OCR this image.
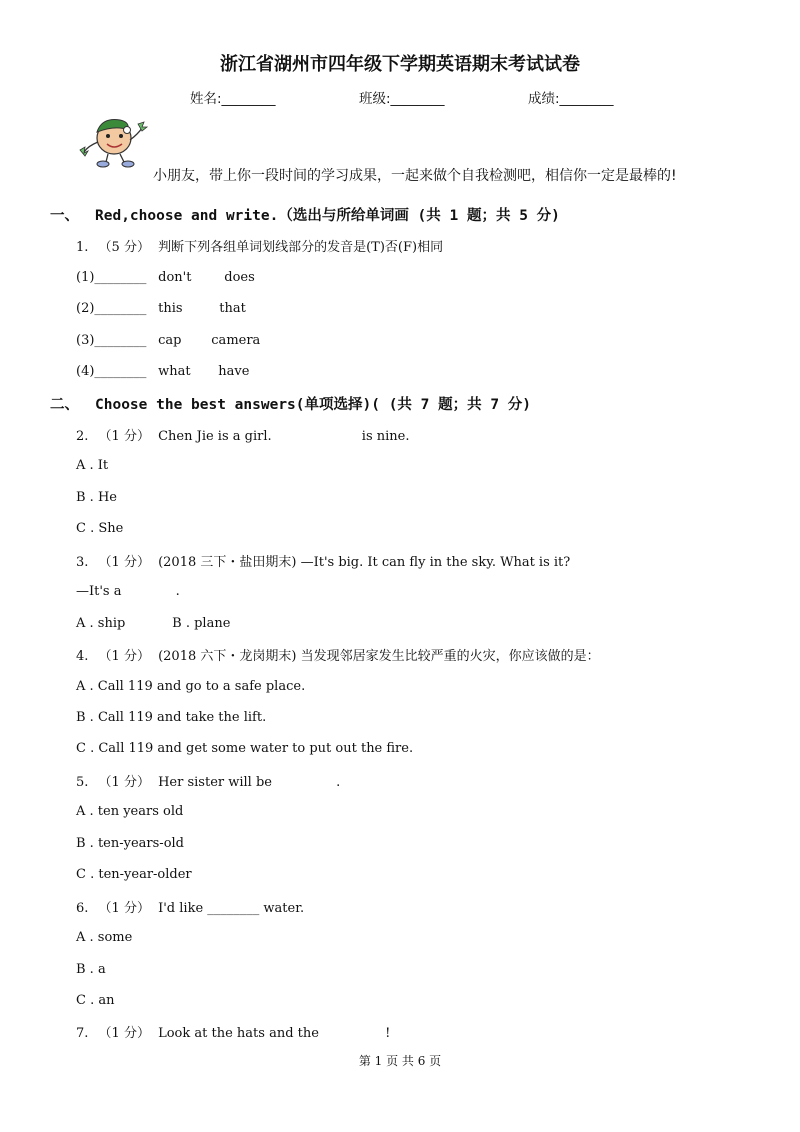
浙江省湖州市四年级下学期英语期末考试试卷
姓名:________	班级:________	成绩:________
小朋友，带上你一段时间的学习成果，一起来做个自我检测吧，相信你一定是最棒的!
一、 Red,choose and write.（选出与所给单词画 (共 1 题；共 5 分)
1. （5 分） 判断下列各组单词划线部分的发音是(T)否(F)相同
(1)________ don't	does
(2)________ this	that
(3)________ cap camera
(4)________ what have
二、 Choose the best answers(单项选择)( (共 7 题；共 7 分)
2. （1 分） Chen Jie is a girl.	is nine.
A . It
B . He
C . She
3. （1 分） (2018 三下・盐田期末) —It's big. It can fly in the sky. What is it?
—It's a	.
A . ship	B . plane
4. （1 分） (2018 六下・龙岗期末) 当发现邻居家发生比较严重的火灾，你应该做的是：
A . Call 119 and go to a safe place.
B . Call 119 and take the lift.
C . Call 119 and get some water to put out the fire.
5. （1 分） Her sister will be	.
A . ten years old
B . ten-years-old
C . ten-year-older
6. （1 分） I'd like ________ water.
A . some
B . a
C . an
7. （1 分） Look at the hats and the	!
第 1 页 共 6 页
